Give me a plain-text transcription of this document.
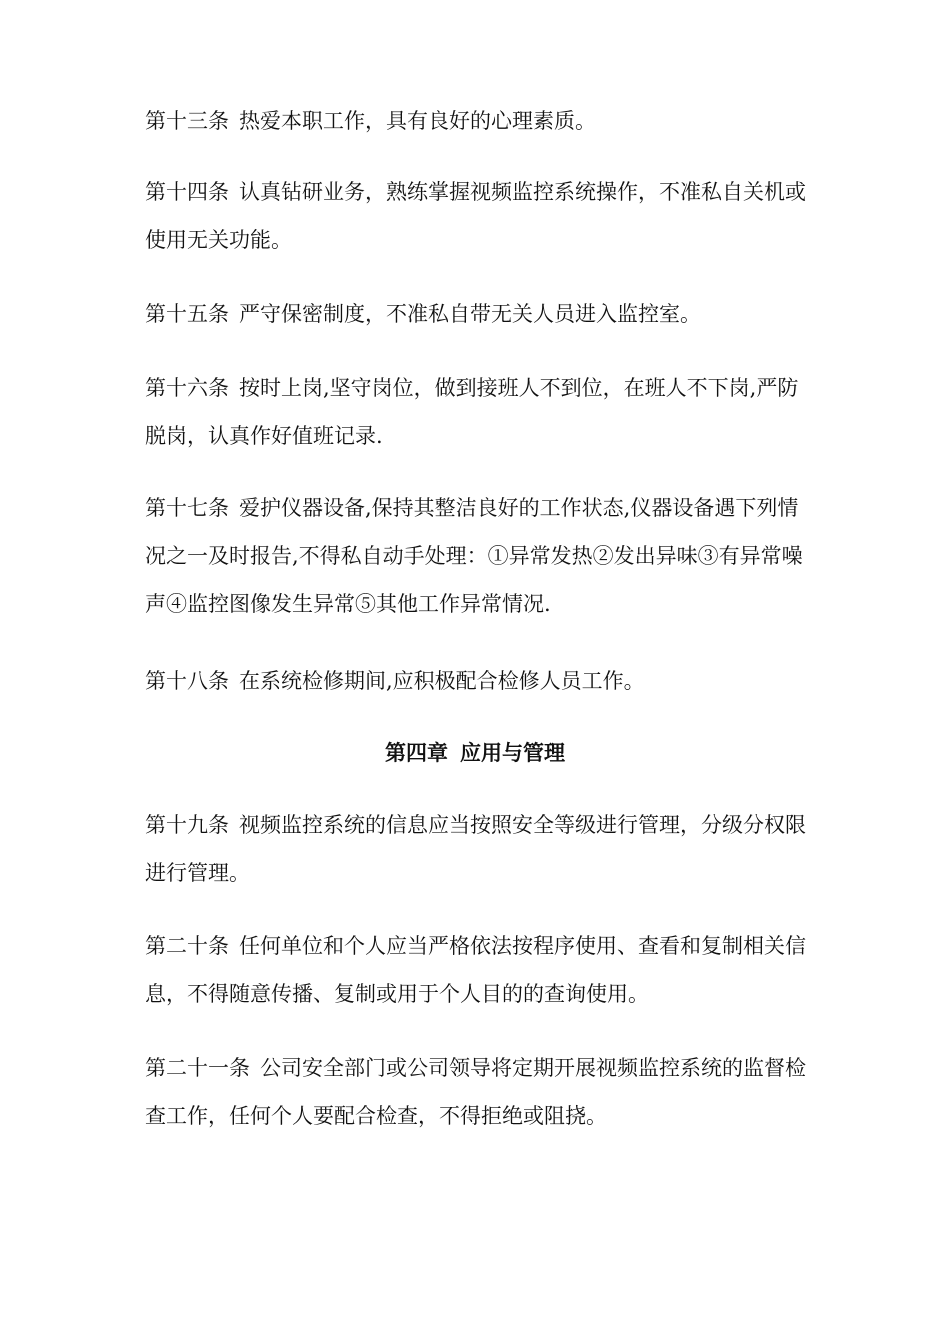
第十三条 热爱本职工作，具有良好的心理素质。

第十四条 认真钻研业务，熟练掌握视频监控系统操作，不准私自关机或使用无关功能。

第十五条 严守保密制度，不准私自带无关人员进入监控室。

第十六条 按时上岗,坚守岗位，做到接班人不到位，在班人不下岗,严防脱岗，认真作好值班记录.

第十七条 爱护仪器设备,保持其整洁良好的工作状态,仪器设备遇下列情况之一及时报告,不得私自动手处理：①异常发热②发出异味③有异常噪声④监控图像发生异常⑤其他工作异常情况.

第十八条 在系统检修期间,应积极配合检修人员工作。

第四章 应用与管理

第十九条 视频监控系统的信息应当按照安全等级进行管理，分级分权限进行管理。

第二十条 任何单位和个人应当严格依法按程序使用、查看和复制相关信息，不得随意传播、复制或用于个人目的的查询使用。

第二十一条 公司安全部门或公司领导将定期开展视频监控系统的监督检查工作，任何个人要配合检查，不得拒绝或阻挠。
